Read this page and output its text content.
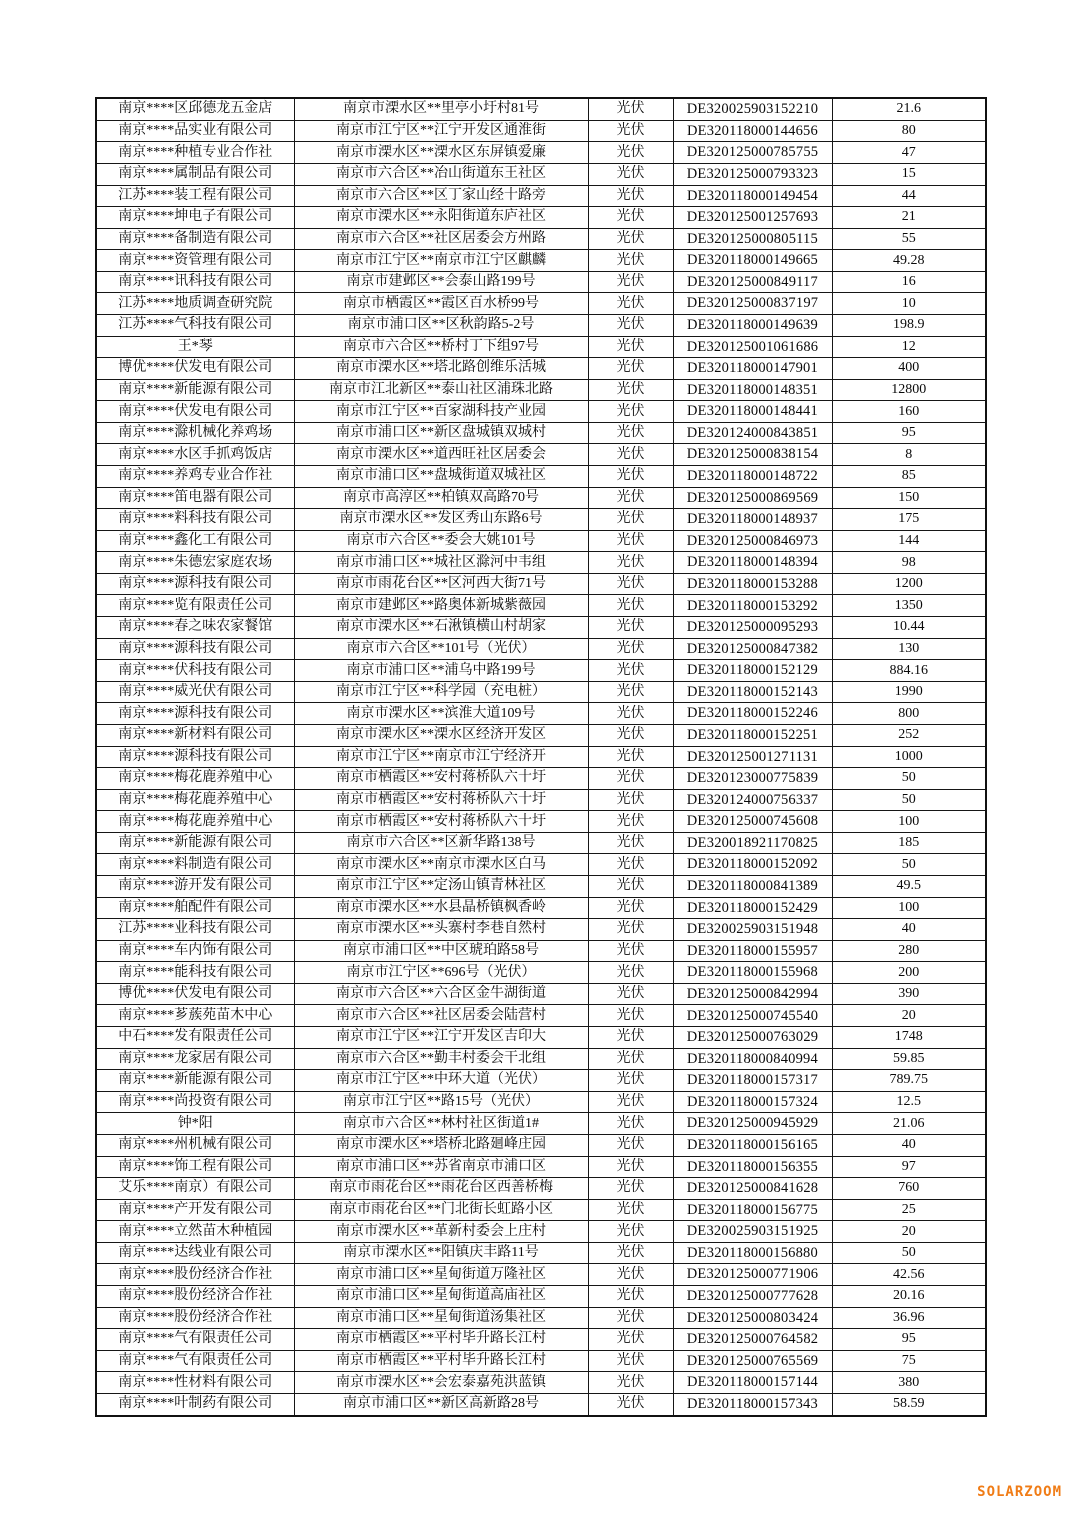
南京****区邱德龙五金店	南京市溧水区**里亭小圩村81号	光伏	DE320025903152210	21.6
南京****品实业有限公司	南京市江宁区**江宁开发区通淮街	光伏	DE320118000144656	80
南京****种植专业合作社	南京市溧水区**溧水区东屏镇爱廉	光伏	DE320125000785755	47
南京****属制品有限公司	南京市六合区**冶山街道东王社区	光伏	DE320125000793323	15
江苏****装工程有限公司	南京市六合区**区丁家山经十路旁	光伏	DE320118000149454	44
南京****坤电子有限公司	南京市溧水区**永阳街道东庐社区	光伏	DE320125001257693	21
南京****备制造有限公司	南京市六合区**社区居委会方州路	光伏	DE320125000805115	55
南京****资管理有限公司	南京市江宁区**南京市江宁区麒麟	光伏	DE320118000149665	49.28
南京****讯科技有限公司	南京市建邺区**会泰山路199号	光伏	DE320125000849117	16
江苏****地质调查研究院	南京市栖霞区**霞区百水桥99号	光伏	DE320125000837197	10
江苏****气科技有限公司	南京市浦口区**区秋韵路5-2号	光伏	DE320118000149639	198.9
王*琴	南京市六合区**桥村丁下组97号	光伏	DE320125001061686	12
博优****伏发电有限公司	南京市溧水区**塔北路创维乐活城	光伏	DE320118000147901	400
南京****新能源有限公司	南京市江北新区**泰山社区浦珠北路	光伏	DE320118000148351	12800
南京****伏发电有限公司	南京市江宁区**百家湖科技产业园	光伏	DE320118000148441	160
南京****滁机械化养鸡场	南京市浦口区**新区盘城镇双城村	光伏	DE320124000843851	95
南京****水区手抓鸡饭店	南京市溧水区**道西旺社区居委会	光伏	DE320125000838154	8
南京****养鸡专业合作社	南京市浦口区**盘城街道双城社区	光伏	DE320118000148722	85
南京****笛电器有限公司	南京市高淳区**柏镇双高路70号	光伏	DE320125000869569	150
南京****料科技有限公司	南京市溧水区**发区秀山东路6号	光伏	DE320118000148937	175
南京****鑫化工有限公司	南京市六合区**委会大姚101号	光伏	DE320125000846973	144
南京****朱德宏家庭农场	南京市浦口区**城社区滁河中韦组	光伏	DE320118000148394	98
南京****源科技有限公司	南京市雨花台区**区河西大街71号	光伏	DE320118000153288	1200
南京****览有限责任公司	南京市建邺区**路奥体新城紫薇园	光伏	DE320118000153292	1350
南京****春之味农家餐馆	南京市溧水区**石湫镇横山村胡家	光伏	DE320125000095293	10.44
南京****源科技有限公司	南京市六合区**101号（光伏）	光伏	DE320125000847382	130
南京****伏科技有限公司	南京市浦口区**浦乌中路199号	光伏	DE320118000152129	884.16
南京****威光伏有限公司	南京市江宁区**科学园（充电桩）	光伏	DE320118000152143	1990
南京****源科技有限公司	南京市溧水区**滨淮大道109号	光伏	DE320118000152246	800
南京****新材料有限公司	南京市溧水区**溧水区经济开发区	光伏	DE320118000152251	252
南京****源科技有限公司	南京市江宁区**南京市江宁经济开	光伏	DE320125001271131	1000
南京****梅花鹿养殖中心	南京市栖霞区**安村蒋桥队六十圩	光伏	DE320123000775839	50
南京****梅花鹿养殖中心	南京市栖霞区**安村蒋桥队六十圩	光伏	DE320124000756337	50
南京****梅花鹿养殖中心	南京市栖霞区**安村蒋桥队六十圩	光伏	DE320125000745608	100
南京****新能源有限公司	南京市六合区**区新华路138号	光伏	DE320018921170825	185
南京****料制造有限公司	南京市溧水区**南京市溧水区白马	光伏	DE320118000152092	50
南京****游开发有限公司	南京市江宁区**定汤山镇青林社区	光伏	DE320118000841389	49.5
南京****舶配件有限公司	南京市溧水区**水县晶桥镇枫香岭	光伏	DE320118000152429	100
江苏****业科技有限公司	南京市溧水区**头寨村李巷自然村	光伏	DE320025903151948	40
南京****车内饰有限公司	南京市浦口区**中区琥珀路58号	光伏	DE320118000155957	280
南京****能科技有限公司	南京市江宁区**696号（光伏）	光伏	DE320118000155968	200
博优****伏发电有限公司	南京市六合区**六合区金牛湖街道	光伏	DE320125000842994	390
南京****芗蔟苑苗木中心	南京市六合区**社区居委会陆营村	光伏	DE320125000745540	20
中石****发有限责任公司	南京市江宁区**江宁开发区吉印大	光伏	DE320125000763029	1748
南京****龙家居有限公司	南京市六合区**勤丰村委会干北组	光伏	DE320118000840994	59.85
南京****新能源有限公司	南京市江宁区**中环大道（光伏）	光伏	DE320118000157317	789.75
南京****尚投资有限公司	南京市江宁区**路15号（光伏）	光伏	DE320118000157324	12.5
钟*阳	南京市六合区**林村社区街道1#	光伏	DE320125000945929	21.06
南京****州机械有限公司	南京市溧水区**塔桥北路廻峰庄园	光伏	DE320118000156165	40
南京****饰工程有限公司	南京市浦口区**苏省南京市浦口区	光伏	DE320118000156355	97
艾乐****南京）有限公司	南京市雨花台区**雨花台区西善桥梅	光伏	DE320125000841628	760
南京****产开发有限公司	南京市雨花台区**门北街长虹路小区	光伏	DE320118000156775	25
南京****立然苗木种植园	南京市溧水区**革新村委会上庄村	光伏	DE320025903151925	20
南京****达线业有限公司	南京市溧水区**阳镇庆丰路11号	光伏	DE320118000156880	50
南京****股份经济合作社	南京市浦口区**星甸街道万隆社区	光伏	DE320125000771906	42.56
南京****股份经济合作社	南京市浦口区**星甸街道高庙社区	光伏	DE320125000777628	20.16
南京****股份经济合作社	南京市浦口区**星甸街道汤集社区	光伏	DE320125000803424	36.96
南京****气有限责任公司	南京市栖霞区**平村毕升路长江村	光伏	DE320125000764582	95
南京****气有限责任公司	南京市栖霞区**平村毕升路长江村	光伏	DE320125000765569	75
南京****性材料有限公司	南京市溧水区**会宏泰嘉苑洪蓝镇	光伏	DE320118000157144	380
南京****叶制药有限公司	南京市浦口区**新区高新路28号	光伏	DE320118000157343	58.59
SOLARZOOM
